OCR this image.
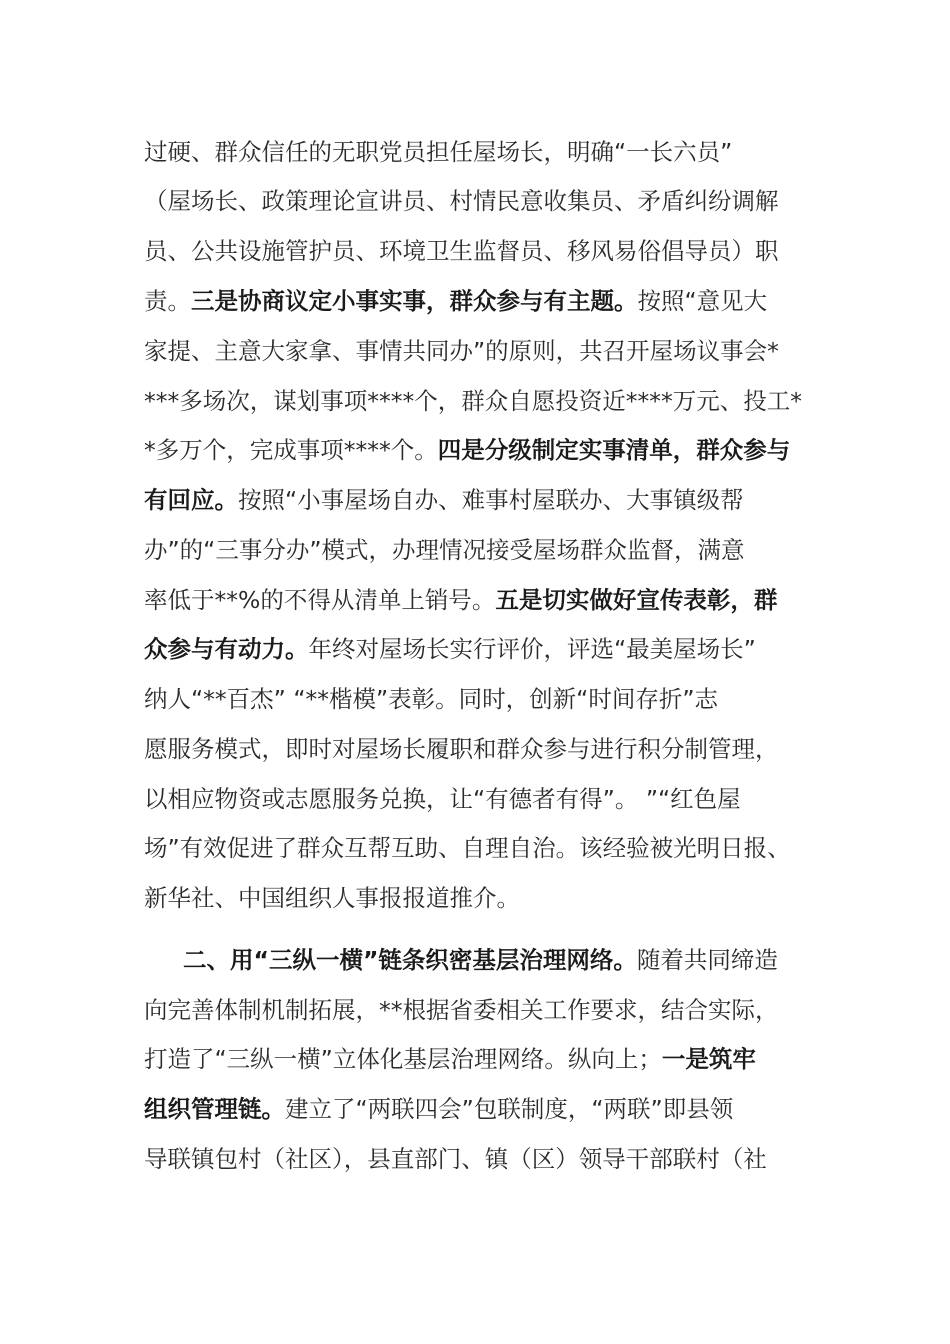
过硬、群众信任的无职党员担任屋场长，明确“一长六员”
（屋场长、政策理论宣讲员、村情民意收集员、矛盾纠纷调解
员、公共设施管护员、环境卫生监督员、移风易俗倡导员）职
责。三是协商议定小事实事，群众参与有主题。按照“意见大
家提、主意大家拿、事情共同办”的原则，共召开屋场议事会*
***多场次，谋划事项****个，群众自愿投资近****万元、投工*
*多万个，完成事项****个。四是分级制定实事清单，群众参与
有回应。按照“小事屋场自办、难事村屋联办、大事镇级帮
办”的“三事分办”模式，办理情况接受屋场群众监督，满意
率低于**%的不得从清单上销号。五是切实做好宣传表彰，群
众参与有动力。年终对屋场长实行评价，评选“最美屋场长”
纳人“**百杰” “**楷模”表彰。同时，创新“时间存折”志
愿服务模式，即时对屋场长履职和群众参与进行积分制管理，
以相应物资或志愿服务兑换，让“有德者有得”。 ”“红色屋
场”有效促进了群众互帮互助、自理自治。该经验被光明日报、
新华社、中国组织人事报报道推介。
二、用“三纵一横”链条织密基层治理网络。随着共同缔造
向完善体制机制拓展，**根据省委相关工作要求，结合实际，
打造了“三纵一横”立体化基层治理网络。纵向上；一是筑牢
组织管理链。建立了“两联四会”包联制度，“两联”即县领
导联镇包村（社区），县直部门、镇（区）领导干部联村（社
